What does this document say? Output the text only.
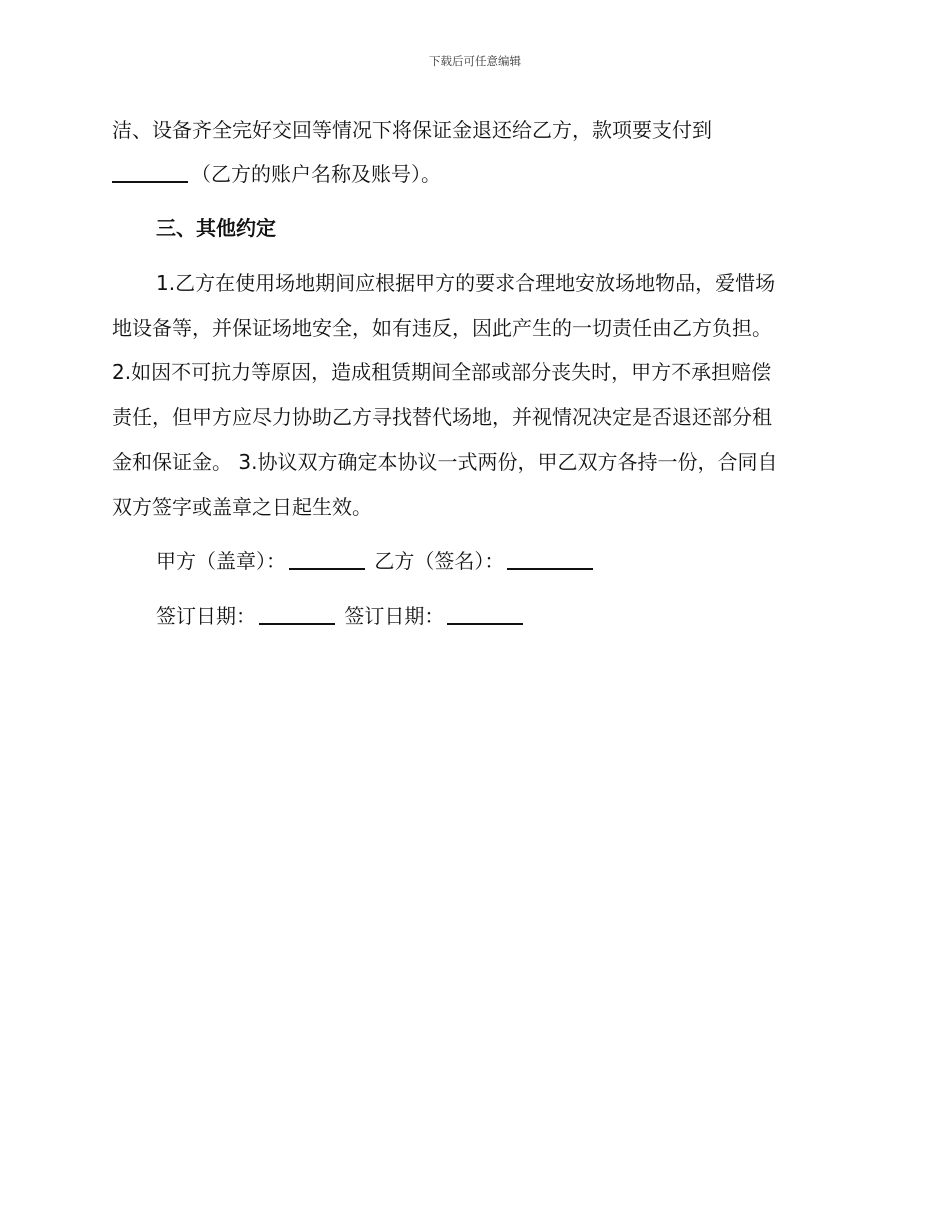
下载后可任意编辑
洁、设备齐全完好交回等情况下将保证金退还给乙方，款项要支付到
（乙方的账户名称及账号）。
三、其他约定
1.乙方在使用场地期间应根据甲方的要求合理地安放场地物品，爱惜场
地设备等，并保证场地安全，如有违反，因此产生的一切责任由乙方负担。
2.如因不可抗力等原因，造成租赁期间全部或部分丧失时，甲方不承担赔偿
责任，但甲方应尽力协助乙方寻找替代场地，并视情况决定是否退还部分租
金和保证金。 3.协议双方确定本协议一式两份，甲乙双方各持一份，合同自
双方签字或盖章之日起生效。
甲方（盖章）：	乙方（签名）：
签订日期：	签订日期：
